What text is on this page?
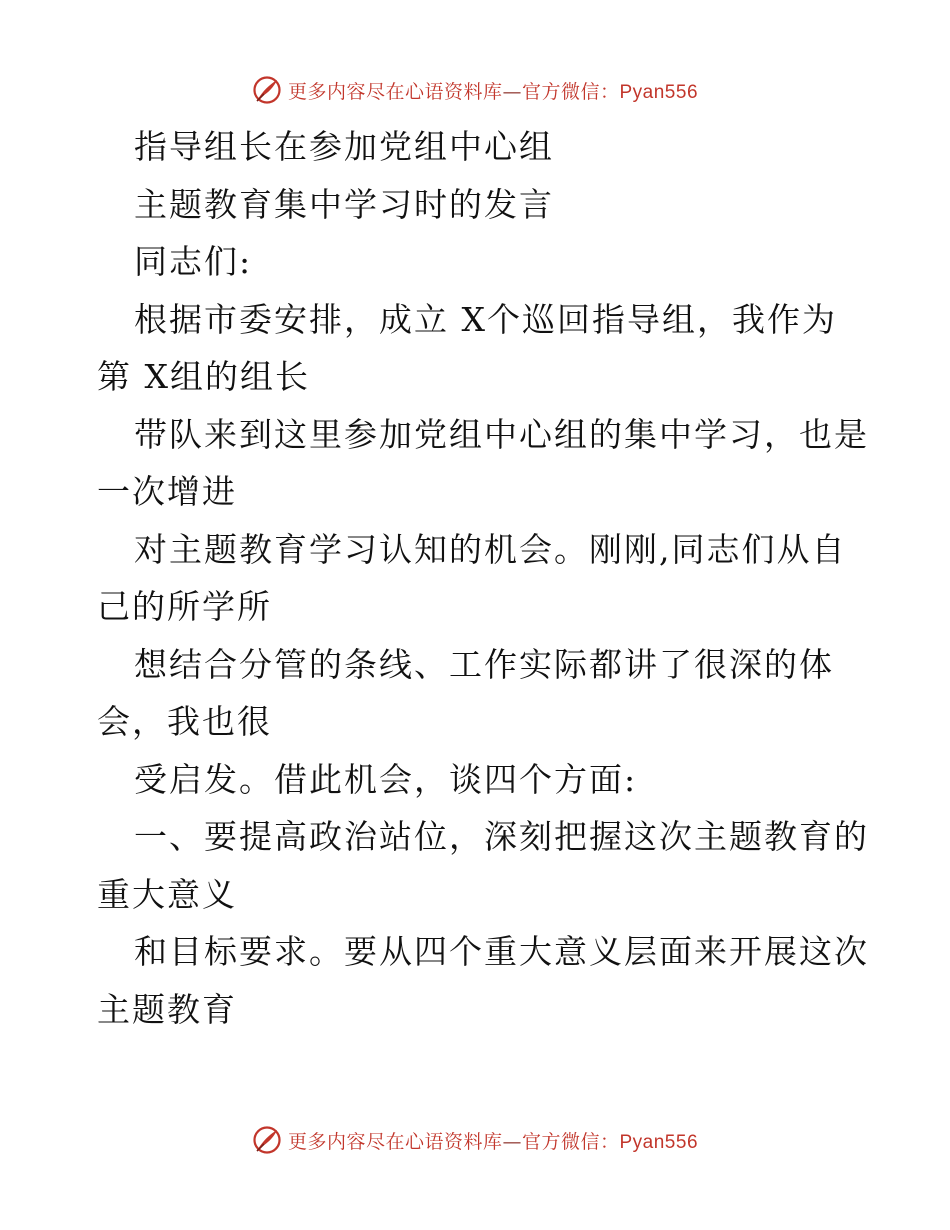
更多内容尽在心语资料库—官方微信：Pyan556
指导组长在参加党组中心组
主题教育集中学习时的发言
同志们:
根据市委安排，成立 X个巡回指导组，我作为
第 X组的组长
带队来到这里参加党组中心组的集中学习，也是
一次增进
对主题教育学习认知的机会。刚刚,同志们从自
己的所学所
想结合分管的条线、工作实际都讲了很深的体
会，我也很
受启发。借此机会，谈四个方面:
一、要提高政治站位，深刻把握这次主题教育的
重大意义
和目标要求。要从四个重大意义层面来开展这次
主题教育
更多内容尽在心语资料库—官方微信：Pyan556
